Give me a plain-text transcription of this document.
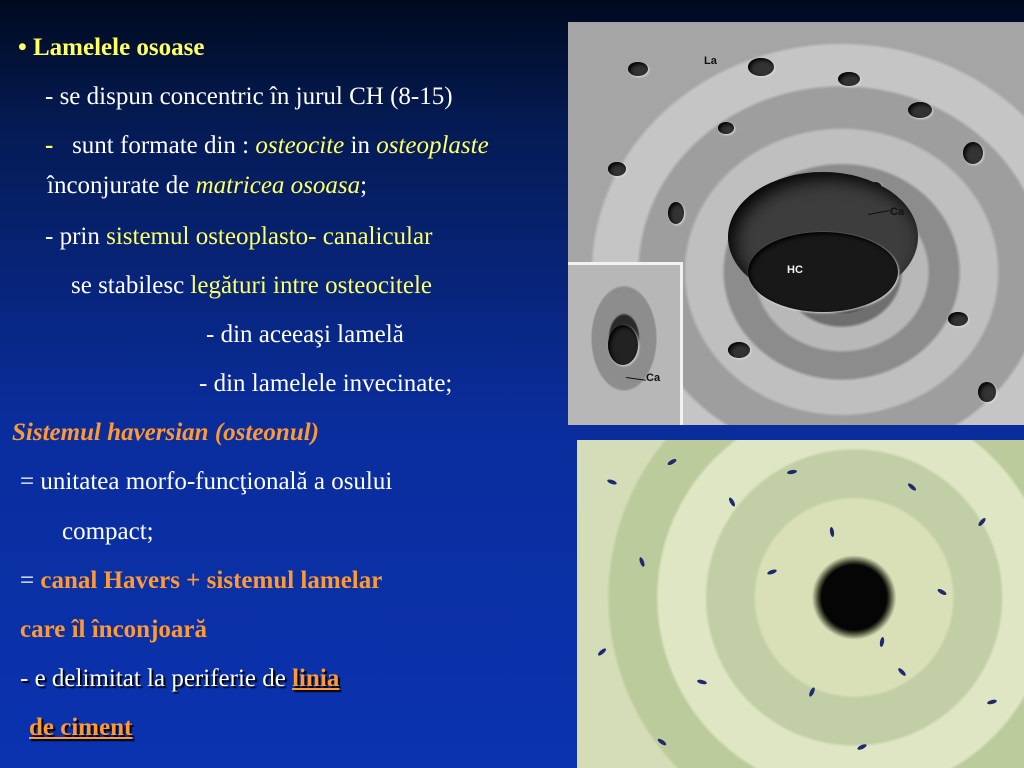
• Lamelele osoase
- se dispun concentric în jurul CH (8-15)
- sunt formate din : osteocite in osteoplaste
înconjurate de matricea osoasa;
- prin sistemul osteoplasto- canalicular
se stabilesc legături intre osteocitele
- din aceeaşi lamelă
- din lamelele invecinate;
Sistemul haversian (osteonul)
= unitatea morfo-funcţională a osului
compact;
= canal Havers + sistemul lamelar
care îl înconjoară
- e delimitat la periferie de linia
de ciment
La
Ca
HC
Ca
